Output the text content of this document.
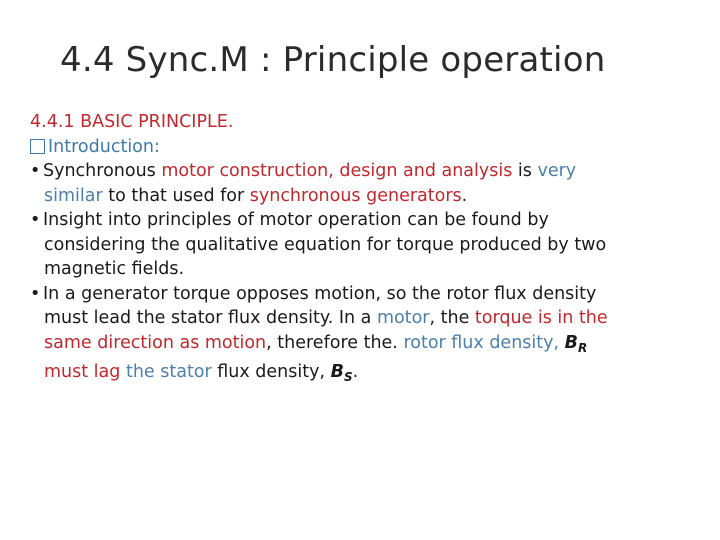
4.4 Sync.M : Principle operation
4.4.1 BASIC PRINCIPLE.
Introduction:
• Synchronous motor construction, design and analysis is very
similar to that used for synchronous generators.
• Insight into principles of motor operation can be found by
considering the qualitative equation for torque produced by two
magnetic fields.
• In a generator torque opposes motion, so the rotor flux density
must lead the stator flux density. In a motor, the torque is in the
same direction as motion, therefore the. rotor flux density, $B_R$
must lag the stator flux density, $B_S$.
